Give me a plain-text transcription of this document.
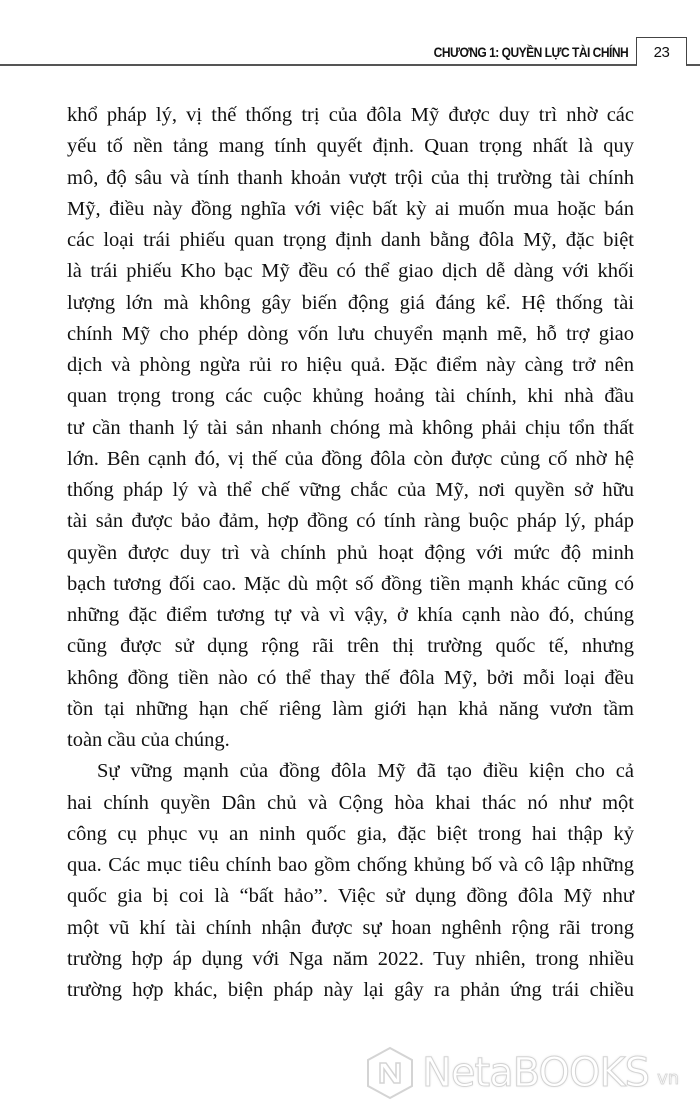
CHƯƠNG 1: QUYỀN LỰC TÀI CHÍNH	23
khổ pháp lý, vị thế thống trị của đôla Mỹ được duy trì nhờ các
yếu tố nền tảng mang tính quyết định. Quan trọng nhất là quy
mô, độ sâu và tính thanh khoản vượt trội của thị trường tài chính
Mỹ, điều này đồng nghĩa với việc bất kỳ ai muốn mua hoặc bán
các loại trái phiếu quan trọng định danh bằng đôla Mỹ, đặc biệt
là trái phiếu Kho bạc Mỹ đều có thể giao dịch dễ dàng với khối
lượng lớn mà không gây biến động giá đáng kể. Hệ thống tài
chính Mỹ cho phép dòng vốn lưu chuyển mạnh mẽ, hỗ trợ giao
dịch và phòng ngừa rủi ro hiệu quả. Đặc điểm này càng trở nên
quan trọng trong các cuộc khủng hoảng tài chính, khi nhà đầu
tư cần thanh lý tài sản nhanh chóng mà không phải chịu tổn thất
lớn. Bên cạnh đó, vị thế của đồng đôla còn được củng cố nhờ hệ
thống pháp lý và thể chế vững chắc của Mỹ, nơi quyền sở hữu
tài sản được bảo đảm, hợp đồng có tính ràng buộc pháp lý, pháp
quyền được duy trì và chính phủ hoạt động với mức độ minh
bạch tương đối cao. Mặc dù một số đồng tiền mạnh khác cũng có
những đặc điểm tương tự và vì vậy, ở khía cạnh nào đó, chúng
cũng được sử dụng rộng rãi trên thị trường quốc tế, nhưng
không đồng tiền nào có thể thay thế đôla Mỹ, bởi mỗi loại đều
tồn tại những hạn chế riêng làm giới hạn khả năng vươn tầm
toàn cầu của chúng.
Sự vững mạnh của đồng đôla Mỹ đã tạo điều kiện cho cả
hai chính quyền Dân chủ và Cộng hòa khai thác nó như một
công cụ phục vụ an ninh quốc gia, đặc biệt trong hai thập kỷ
qua. Các mục tiêu chính bao gồm chống khủng bố và cô lập những
quốc gia bị coi là “bất hảo”. Việc sử dụng đồng đôla Mỹ như
một vũ khí tài chính nhận được sự hoan nghênh rộng rãi trong
trường hợp áp dụng với Nga năm 2022. Tuy nhiên, trong nhiều
trường hợp khác, biện pháp này lại gây ra phản ứng trái chiều
NetaBOOKS vn
